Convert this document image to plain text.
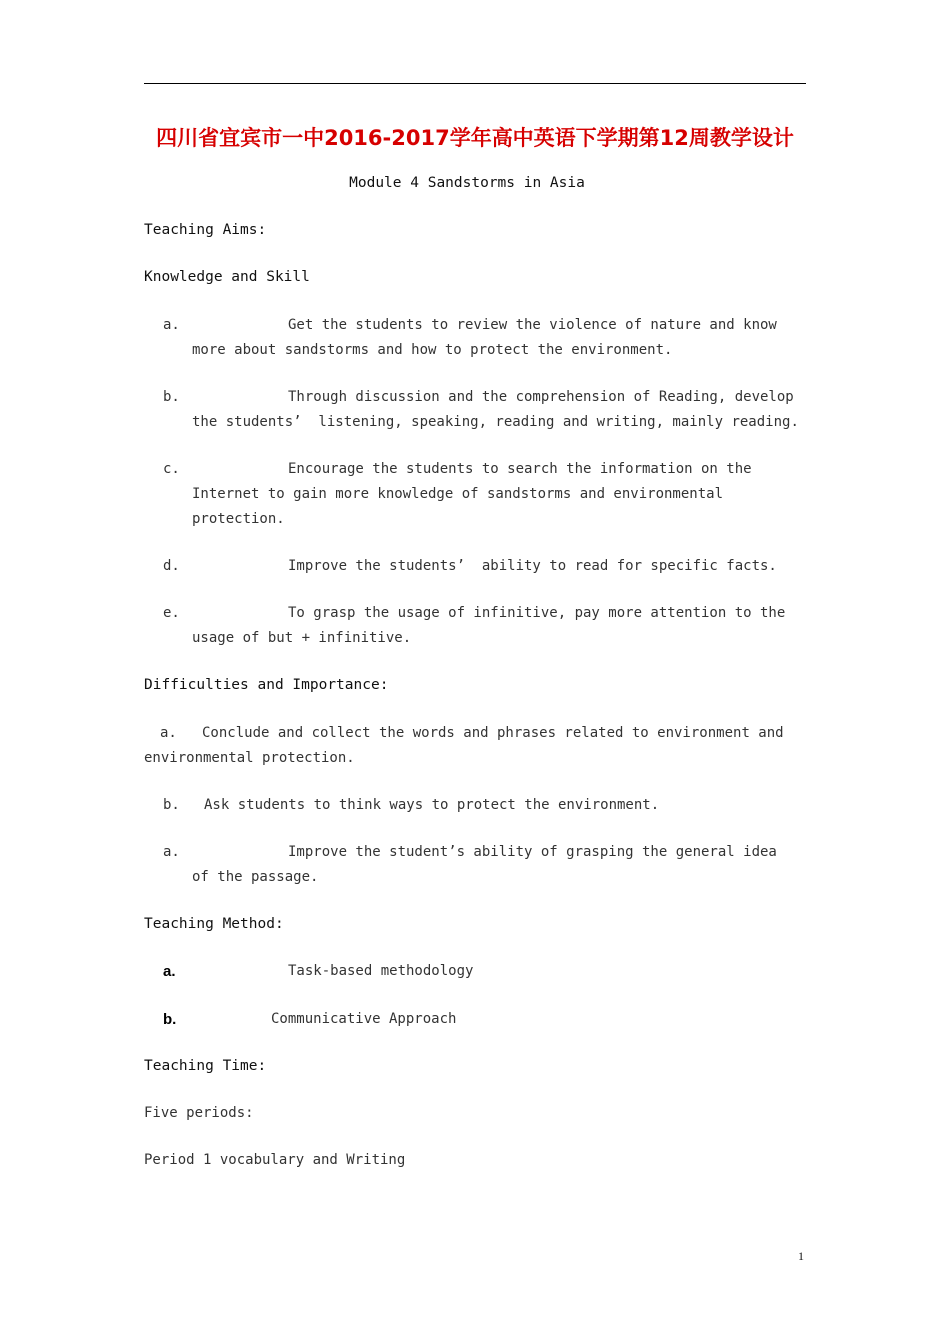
四川省宜宾市一中2016-2017学年高中英语下学期第12周教学设计
Module 4 Sandstorms in Asia
Teaching Aims:
Knowledge and Skill
a.	Get the students to review the violence of nature and know
more about sandstorms and how to protect the environment.
b.	Through discussion and the comprehension of Reading, develop
the students’  listening, speaking, reading and writing, mainly reading.
c.	Encourage the students to search the information on the
Internet to gain more knowledge of sandstorms and environmental
protection.
d.	Improve the students’  ability to read for specific facts.
e.	To grasp the usage of infinitive, pay more attention to the
usage of but + infinitive.
Difficulties and Importance:
a. Conclude and collect the words and phrases related to environment and
environmental protection.
b. Ask students to think ways to protect the environment.
a.	Improve the student’s ability of grasping the general idea
of the passage.
Teaching Method:
a.	Task-based methodology
b.	Communicative Approach
Teaching Time:
Five periods:
Period 1 vocabulary and Writing
1
